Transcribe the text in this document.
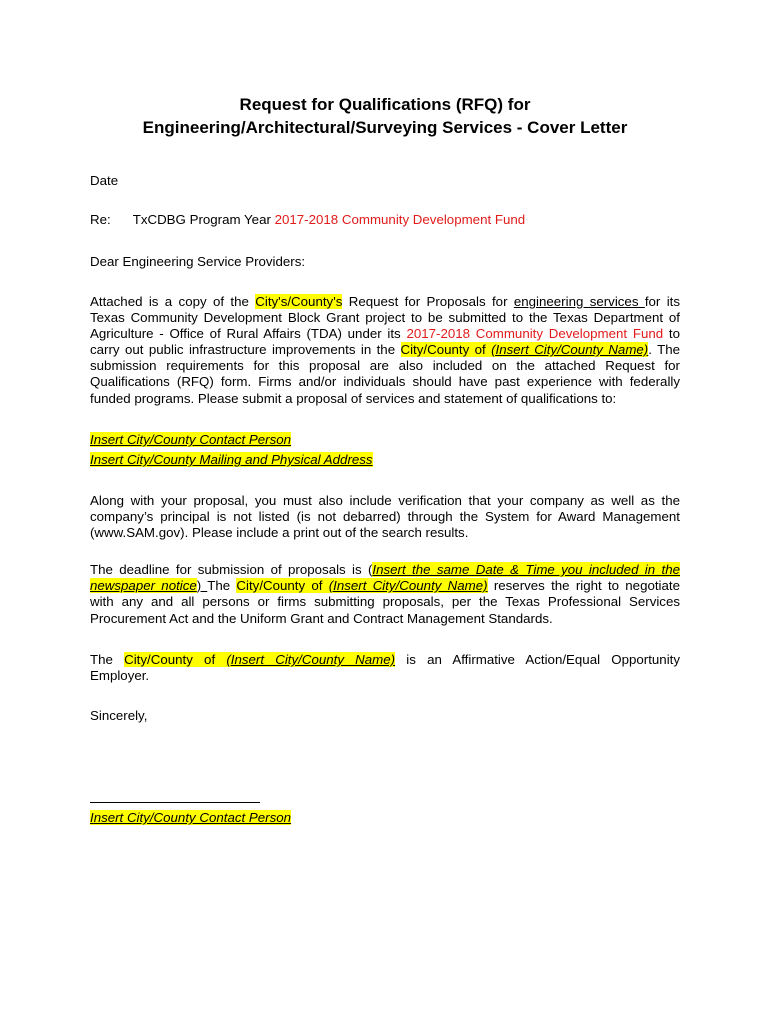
Request for Qualifications (RFQ) for
Engineering/Architectural/Surveying Services - Cover Letter
Date
Re: TxCDBG Program Year 2017-2018 Community Development Fund
Dear Engineering Service Providers:
Attached is a copy of the City's/County's Request for Proposals for engineering services for its
Texas Community Development Block Grant project to be submitted to the Texas Department of
Agriculture - Office of Rural Affairs (TDA) under its 2017-2018 Community Development Fund to
carry out public infrastructure improvements in the City/County of (Insert City/County Name). The
submission requirements for this proposal are also included on the attached Request for
Qualifications (RFQ) form. Firms and/or individuals should have past experience with federally
funded programs. Please submit a proposal of services and statement of qualifications to:
Insert City/County Contact Person
Insert City/County Mailing and Physical Address
Along with your proposal, you must also include verification that your company as well as the
company’s principal is not listed (is not debarred) through the System for Award Management
(www.SAM.gov). Please include a print out of the search results.
The deadline for submission of proposals is (Insert the same Date & Time you included in the
newspaper notice) The City/County of (Insert City/County Name) reserves the right to negotiate
with any and all persons or firms submitting proposals, per the Texas Professional Services
Procurement Act and the Uniform Grant and Contract Management Standards.
The City/County of (Insert City/County Name) is an Affirmative Action/Equal Opportunity
Employer.
Sincerely,
Insert City/County Contact Person
